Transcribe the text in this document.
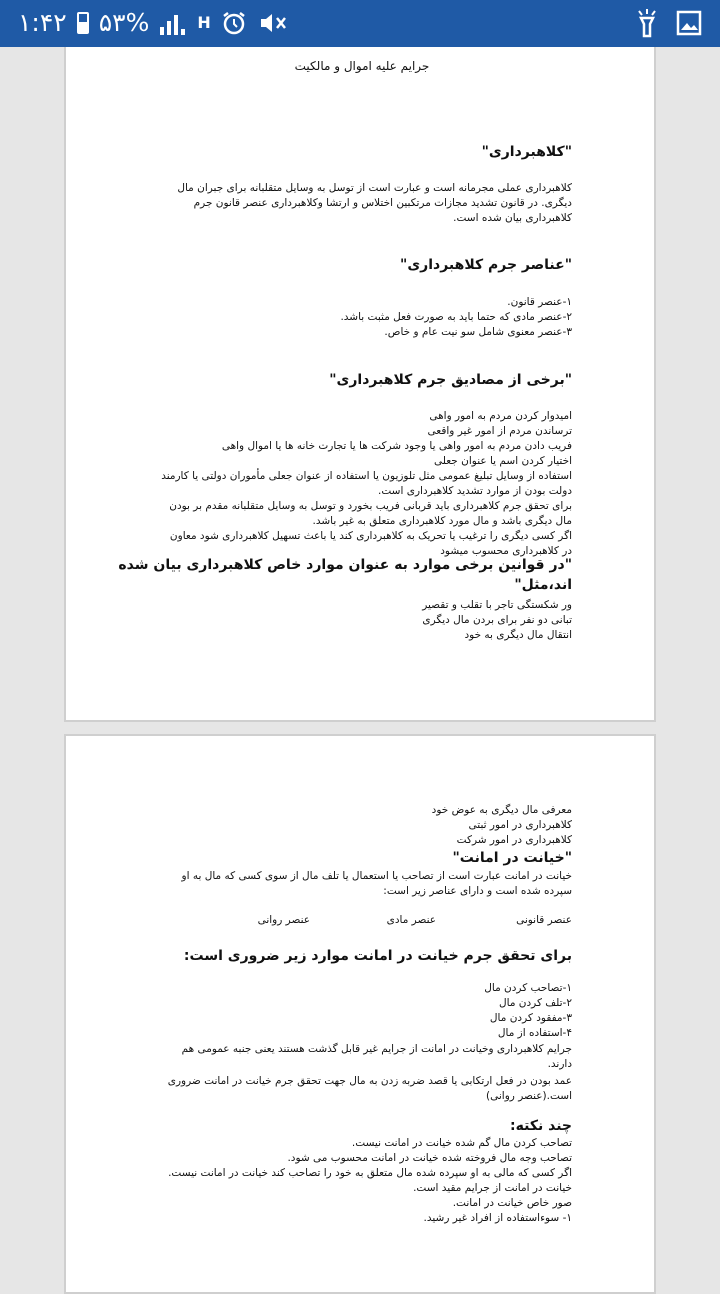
۱:۴۲ ۵۳%	H
جرایم علیه اموال و مالکیت
"کلاهبرداری"
کلاهبرداری عملی مجرمانه است و عبارت است از توسل به وسایل متقلبانه برای جبران مال دیگری. در قانون تشدید مجازات مرتکبین اختلاس و ارتشا وکلاهبرداری عنصر قانون جرم کلاهبرداری بیان شده است.
"عناصر جرم کلاهبرداری"
۱-عنصر قانون.
۲-عنصر مادی که حتما باید به صورت فعل مثبت باشد.
۳-عنصر معنوی شامل سو نیت عام و خاص.
"برخی از مصادیق جرم کلاهبرداری"
امیدوار کردن مردم به امور واهی
ترساندن مردم از امور غیر واقعی
فریب دادن مردم به امور واهی یا وجود شرکت ها یا تجارت خانه ها یا اموال واهی
اختیار کردن اسم یا عنوان جعلی
استفاده از وسایل تبلیغ عمومی مثل تلوزیون یا استفاده از عنوان جعلی مأموران دولتی یا کارمند
دولت بودن از موارد تشدید کلاهبرداری است.
برای تحقق جرم کلاهبرداری باید قربانی فریب بخورد و توسل به وسایل متقلبانه مقدم بر بودن
مال دیگری باشد و مال مورد کلاهبرداری متعلق به غیر باشد.
اگر کسی دیگری را ترغیب یا تحریک به کلاهبرداری کند یا باعث تسهیل کلاهبرداری شود معاون
در کلاهبرداری محسوب میشود
"در قوانین برخی موارد به عنوان موارد خاص کلاهبرداری بیان شده
اند،مثل"
ور شکستگی تاجر با تقلب و تقصیر
تبانی دو نفر برای بردن مال دیگری
انتقال مال دیگری به خود
معرفی مال دیگری به عوض خود
کلاهبرداری در امور ثبتی
کلاهبرداری در امور شرکت
"خیانت در امانت"
خیانت در امانت عبارت است از تصاحب یا استعمال یا تلف مال از سوی کسی که مال به او
سپرده شده است و دارای عناصر زیر است:
عنصر قانونی
عنصر مادی
عنصر روانی
برای تحقق جرم خیانت در امانت موارد زیر ضروری است:
۱-تصاحب کردن مال
۲-تلف کردن مال
۳-مفقود کردن مال
۴-استفاده از مال
جرایم کلاهبرداری وخیانت در امانت از جرایم غیر قابل گذشت هستند یعنی جنبه عمومی هم
دارند.
عمد بودن در فعل ارتکابی یا قصد ضربه زدن به مال جهت تحقق جرم خیانت در امانت ضروری
است.(عنصر روانی)
چند نکته:
تصاحب کردن مال گم شده خیانت در امانت نیست.
تصاحب وجه مال فروخته شده خیانت در امانت محسوب می شود.
اگر کسی که مالی به او سپرده شده مال متعلق به خود را تصاحب کند خیانت در امانت نیست.
خیانت در امانت از جرایم مقید است.
صور خاص خیانت در امانت.
۱- سوءاستفاده از افراد غیر رشید.
